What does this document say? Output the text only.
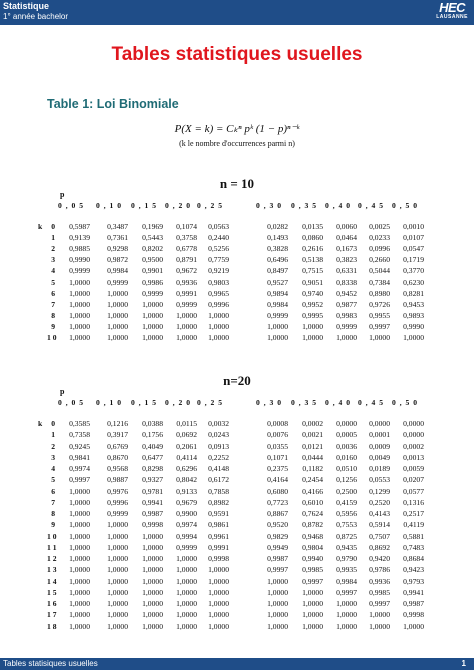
Statistique
1° année bachelor
HEC
LAUSANNE
Tables statistiques usuelles
Table 1: Loi Binomiale
P(X = k) = Cₖⁿ pᵏ (1 − p)ⁿ⁻ᵏ
(k le nombre d'occurrences parmi n)
n = 10
p
0 , 0 5	0 , 1 0	0 , 1 5	0 , 2 0 0 , 2 5	0 , 3 0	0 , 3 5	0 , 4 0 0 , 4 5	0 , 5 0
k	0	0,5987	0,3487	0,1969	0,1074	0,0563	0,0282	0,0135	0,0060	0,0025	0,0010
1	0,9139	0,7361	0,5443	0,3758	0,2440	0,1493	0,0860	0,0464	0,0233	0,0107
2	0,9885	0,9298	0,8202	0,6778	0,5256	0,3828	0,2616	0,1673	0,0996	0,0547
3	0,9990	0,9872	0,9500	0,8791	0,7759	0,6496	0,5138	0,3823	0,2660	0,1719
4	0,9999	0,9984	0,9901	0,9672	0,9219	0,8497	0,7515	0,6331	0,5044	0,3770
5	1,0000	0,9999	0,9986	0,9936	0,9803	0,9527	0,9051	0,8338	0,7384	0,6230
6	1,0000	1,0000	0,9999	0,9991	0,9965	0,9894	0,9740	0,9452	0,8980	0,8281
7	1,0000	1,0000	1,0000	0,9999	0,9996	0,9984	0,9952	0,9877	0,9726	0,9453
8	1,0000	1,0000	1,0000	1,0000	1,0000	0,9999	0,9995	0,9983	0,9955	0,9893
9	1,0000	1,0000	1,0000	1,0000	1,0000	1,0000	1,0000	0,9999	0,9997	0,9990
1 0	1,0000	1,0000	1,0000	1,0000	1,0000	1,0000	1,0000	1,0000	1,0000	1,0000
n=20
p
0 , 0 5	0 , 1 0	0 , 1 5	0 , 2 0 0 , 2 5	0 , 3 0	0 , 3 5	0 , 4 0 0 , 4 5	0 , 5 0
k	0	0,3585	0,1216	0,0388	0,0115	0,0032	0,0008	0,0002	0,0000	0,0000	0,0000
1	0,7358	0,3917	0,1756	0,0692	0,0243	0,0076	0,0021	0,0005	0,0001	0,0000
2	0,9245	0,6769	0,4049	0,2061	0,0913	0,0355	0,0121	0,0036	0,0009	0,0002
3	0,9841	0,8670	0,6477	0,4114	0,2252	0,1071	0,0444	0,0160	0,0049	0,0013
4	0,9974	0,9568	0,8298	0,6296	0,4148	0,2375	0,1182	0,0510	0,0189	0,0059
5	0,9997	0,9887	0,9327	0,8042	0,6172	0,4164	0,2454	0,1256	0,0553	0,0207
6	1,0000	0,9976	0,9781	0,9133	0,7858	0,6080	0,4166	0,2500	0,1299	0,0577
7	1,0000	0,9996	0,9941	0,9679	0,8982	0,7723	0,6010	0,4159	0,2520	0,1316
8	1,0000	0,9999	0,9987	0,9900	0,9591	0,8867	0,7624	0,5956	0,4143	0,2517
9	1,0000	1,0000	0,9998	0,9974	0,9861	0,9520	0,8782	0,7553	0,5914	0,4119
1 0	1,0000	1,0000	1,0000	0,9994	0,9961	0,9829	0,9468	0,8725	0,7507	0,5881
1 1	1,0000	1,0000	1,0000	0,9999	0,9991	0,9949	0,9804	0,9435	0,8692	0,7483
1 2	1,0000	1,0000	1,0000	1,0000	0,9998	0,9987	0,9940	0,9790	0,9420	0,8684
1 3	1,0000	1,0000	1,0000	1,0000	1,0000	0,9997	0,9985	0,9935	0,9786	0,9423
1 4	1,0000	1,0000	1,0000	1,0000	1,0000	1,0000	0,9997	0,9984	0,9936	0,9793
1 5	1,0000	1,0000	1,0000	1,0000	1,0000	1,0000	1,0000	0,9997	0,9985	0,9941
1 6	1,0000	1,0000	1,0000	1,0000	1,0000	1,0000	1,0000	1,0000	0,9997	0,9987
1 7	1,0000	1,0000	1,0000	1,0000	1,0000	1,0000	1,0000	1,0000	1,0000	0,9998
1 8	1,0000	1,0000	1,0000	1,0000	1,0000	1,0000	1,0000	1,0000	1,0000	1,0000
Tables statisiques usuelles	1
